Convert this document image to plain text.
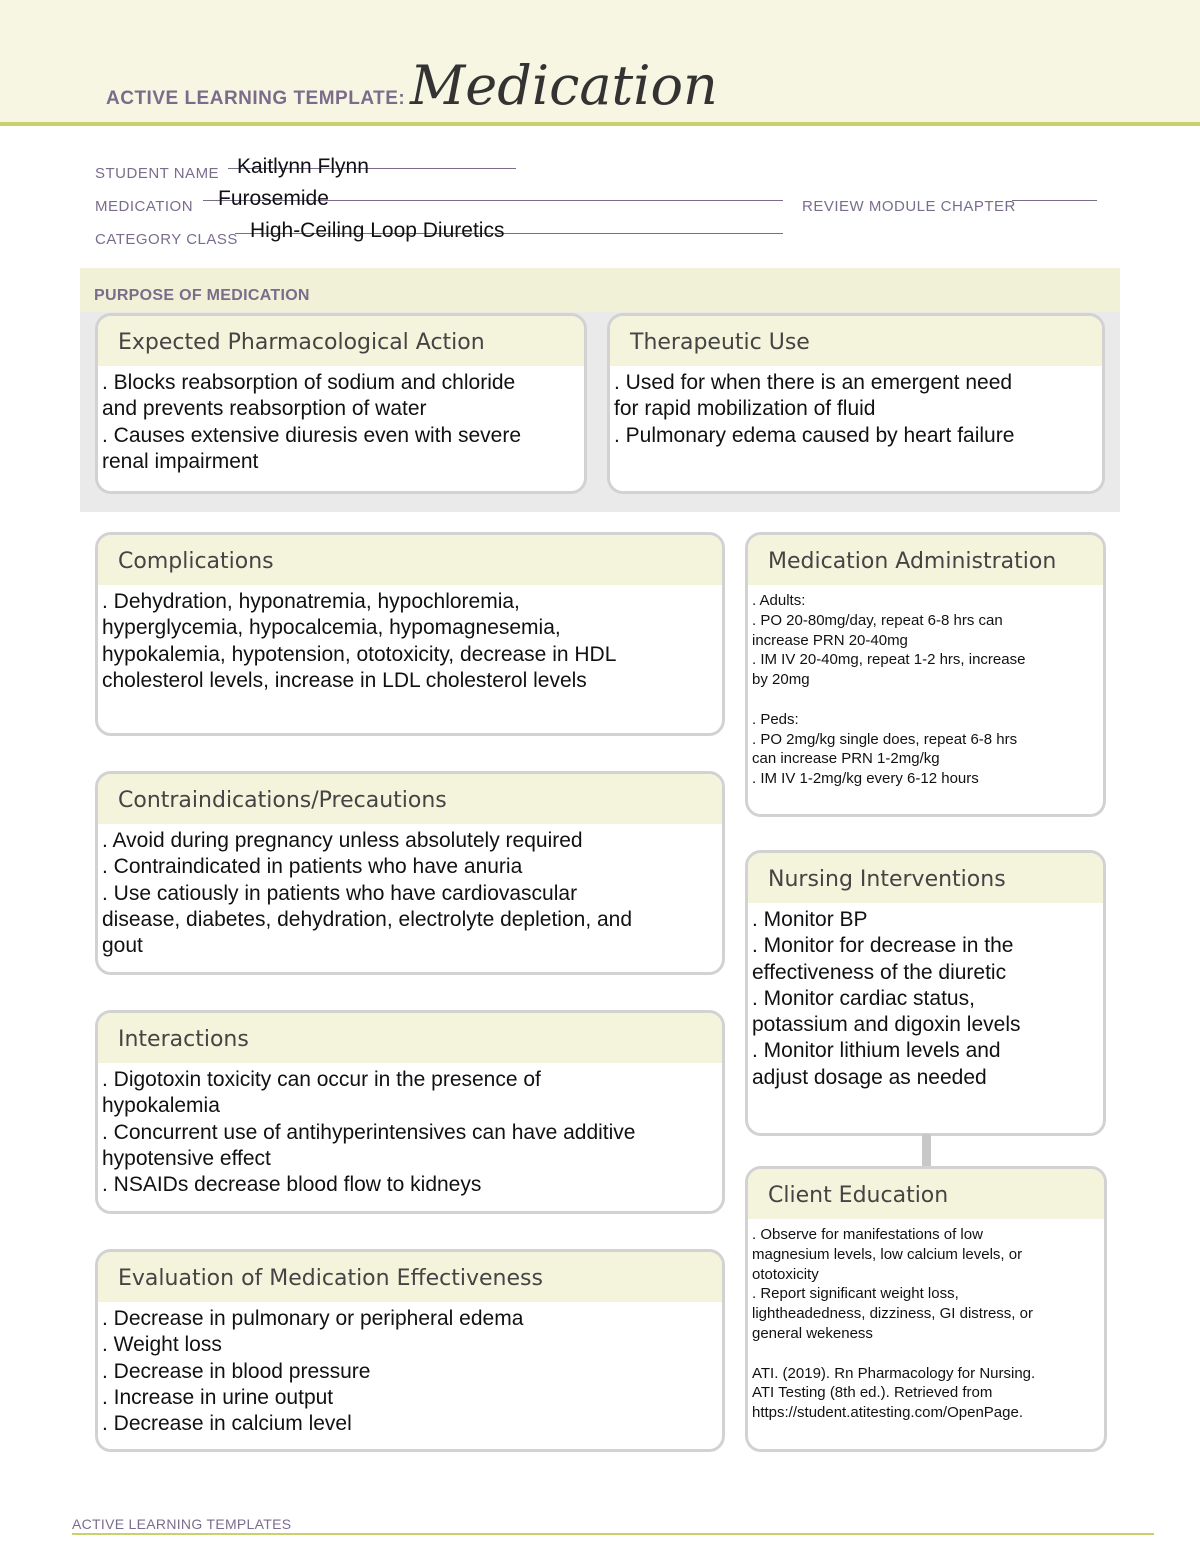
ACTIVE LEARNING TEMPLATE: Medication
STUDENT NAME Kaitlynn Flynn
MEDICATION Furosemide	REVIEW MODULE CHAPTER
CATEGORY CLASS High-Ceiling Loop Diuretics
PURPOSE OF MEDICATION
Expected Pharmacological Action
. Blocks reabsorption of sodium and chloride
and prevents reabsorption of water
. Causes extensive diuresis even with severe
renal impairment
Therapeutic Use
. Used for when there is an emergent need
for rapid mobilization of fluid
. Pulmonary edema caused by heart failure
Complications
. Dehydration, hyponatremia, hypochloremia,
hyperglycemia, hypocalcemia, hypomagnesemia,
hypokalemia, hypotension, ototoxicity, decrease in HDL
cholesterol levels, increase in LDL cholesterol levels
Medication Administration
. Adults:
. PO 20-80mg/day, repeat 6-8 hrs can
increase PRN 20-40mg
. IM IV 20-40mg, repeat 1-2 hrs, increase
by 20mg
. Peds:
. PO 2mg/kg single does, repeat 6-8 hrs
can increase PRN 1-2mg/kg
. IM IV 1-2mg/kg every 6-12 hours
Contraindications/Precautions
. Avoid during pregnancy unless absolutely required
. Contraindicated in patients who have anuria
. Use catiously in patients who have cardiovascular
disease, diabetes, dehydration, electrolyte depletion, and
gout
Nursing Interventions
. Monitor BP
. Monitor for decrease in the
effectiveness of the diuretic
. Monitor cardiac status,
potassium and digoxin levels
. Monitor lithium levels and
adjust dosage as needed
Interactions
. Digotoxin toxicity can occur in the presence of
hypokalemia
. Concurrent use of antihyperintensives can have additive
hypotensive effect
. NSAIDs decrease blood flow to kidneys	Client Education
. Observe for manifestations of low
magnesium levels, low calcium levels, or
ototoxicity
. Report significant weight loss,
lightheadedness, dizziness, GI distress, or
general wekeness
ATI. (2019). Rn Pharmacology for Nursing.
ATI Testing (8th ed.). Retrieved from
https://student.atitesting.com/OpenPage.
Evaluation of Medication Effectiveness
. Decrease in pulmonary or peripheral edema
. Weight loss
. Decrease in blood pressure
. Increase in urine output
. Decrease in calcium level
ACTIVE LEARNING TEMPLATES
